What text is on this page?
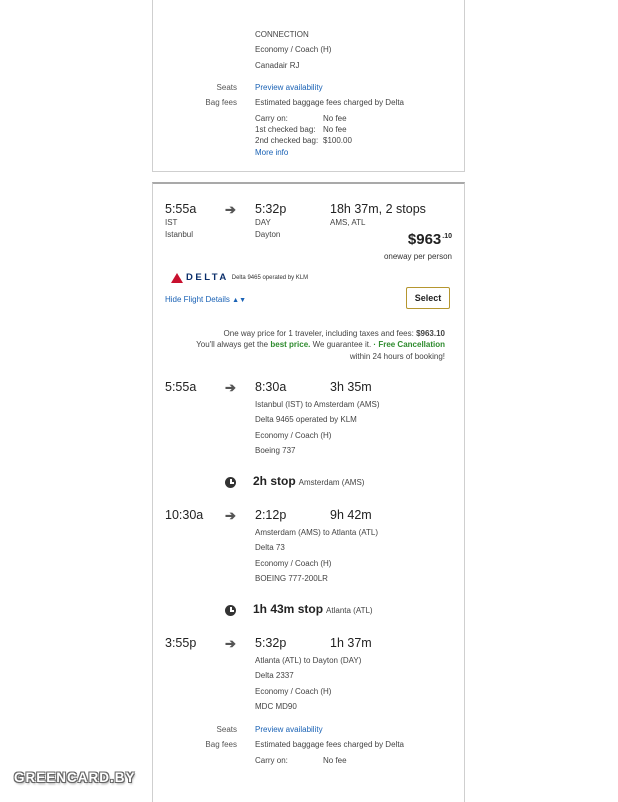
CONNECTION
Economy / Coach (H)
Canadair RJ
Seats Preview availability
Bag fees Estimated baggage fees charged by Delta
Carry on:	No fee
1st checked bag: No fee
2nd checked bag: $100.00
More info
5:55a
IST
Istanbul
➔ 5:32p
DAY
Dayton
18h 37m, 2 stops
AMS, ATL
$\$963^{.10}$
oneway per person
DELTA Delta 9465 operated by KLM
Hide Flight Details ▲▼	Select
One way price for 1 traveler, including taxes and fees: $963.10
You'll always get the best price. We guarantee it. · Free Cancellation
within 24 hours of booking!
5:55a ➔ 8:30a	3h 35m
Istanbul (IST) to Amsterdam (AMS)
Delta 9465 operated by KLM
Economy / Coach (H)
Boeing 737
2h stop Amsterdam (AMS)
10:30a ➔ 2:12p	9h 42m
Amsterdam (AMS) to Atlanta (ATL)
Delta 73
Economy / Coach (H)
BOEING 777-200LR
1h 43m stop Atlanta (ATL)
3:55p ➔ 5:32p	1h 37m
Atlanta (ATL) to Dayton (DAY)
Delta 2337
Economy / Coach (H)
MDC MD90
Seats Preview availability
Bag fees Estimated baggage fees charged by Delta
Carry on:	No fee
GREENCARD.BY
